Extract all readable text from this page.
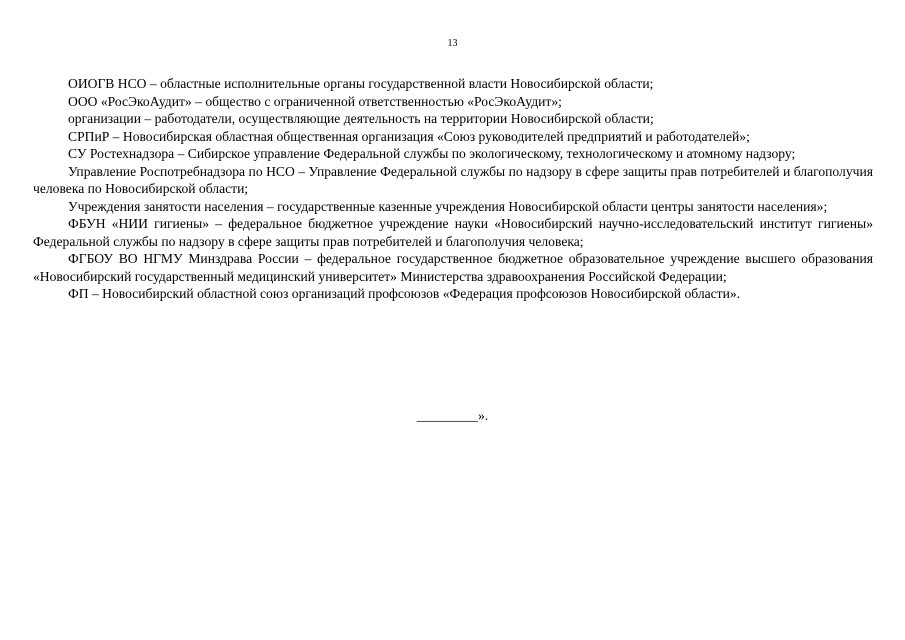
13

ОИОГВ НСО – областные исполнительные органы государственной власти Новосибирской области;

ООО «РосЭкоАудит» – общество с ограниченной ответственностью «РосЭкоАудит»;

организации – работодатели, осуществляющие деятельность на территории Новосибирской области;

СРПиР – Новосибирская областная общественная организация «Союз руководителей предприятий и работодателей»;

СУ Ростехнадзора – Сибирское управление Федеральной службы по экологическому, технологическому и атомному надзору;

Управление Роспотребнадзора по НСО – Управление Федеральной службы по надзору в сфере защиты прав потребителей и благополучия человека по Новосибирской области;

Учреждения занятости населения – государственные казенные учреждения Новосибирской области центры занятости населения»;

ФБУН «НИИ гигиены» – федеральное бюджетное учреждение науки «Новосибирский научно-исследовательский институт гигиены» Федеральной службы по надзору в сфере защиты прав потребителей и благополучия человека;

ФГБОУ ВО НГМУ Минздрава России – федеральное государственное бюджетное образовательное учреждение высшего образования «Новосибирский государственный медицинский университет» Министерства здравоохранения Российской Федерации;

ФП – Новосибирский областной союз организаций профсоюзов «Федерация профсоюзов Новосибирской области».

_________».
